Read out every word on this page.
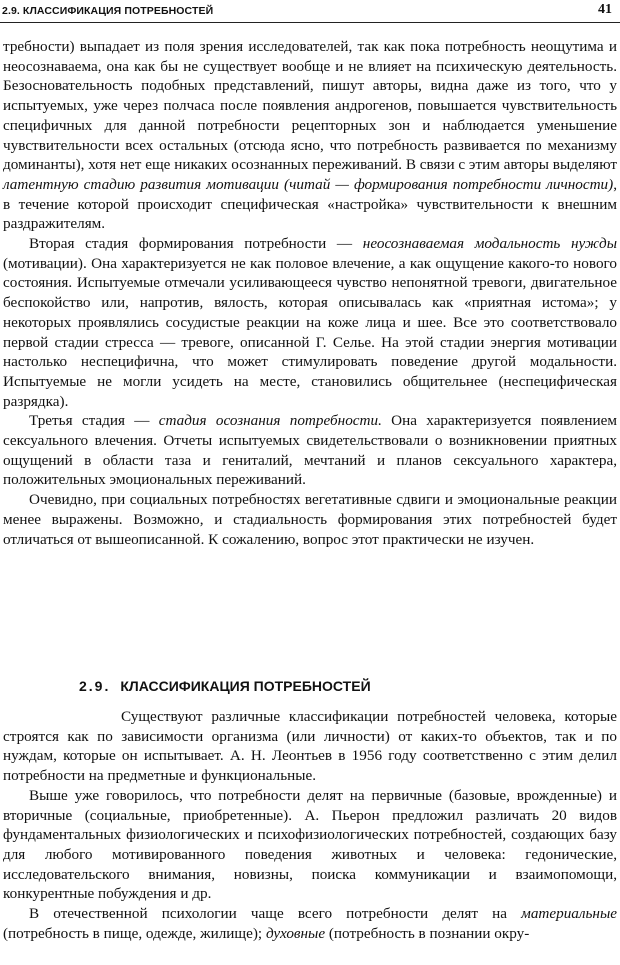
2.9. КЛАССИФИКАЦИЯ ПОТРЕБНОСТЕЙ	41

требности) выпадает из поля зрения исследователей, так как пока потребность неощутима и неосознаваема, она как бы не существует вообще и не влияет на психическую деятельность. Безосновательность подобных представлений, пишут авторы, видна даже из того, что у испытуемых, уже через полчаса после появления андрогенов, повышается чувствительность специфичных для данной потребности рецепторных зон и наблюдается уменьшение чувствительности всех остальных (отсюда ясно, что потребность развивается по механизму доминанты), хотя нет еще никаких осознанных переживаний. В связи с этим авторы выделяют латентную стадию развития мотивации (читай — формирования потребности личности), в течение которой происходит специфическая «настройка» чувствительности к внешним раздражителям.

Вторая стадия формирования потребности — неосознаваемая модальность нужды (мотивации). Она характеризуется не как половое влечение, а как ощущение какого-то нового состояния. Испытуемые отмечали усиливающееся чувство непонятной тревоги, двигательное беспокойство или, напротив, вялость, которая описывалась как «приятная истома»; у некоторых проявлялись сосудистые реакции на коже лица и шее. Все это соответствовало первой стадии стресса — тревоге, описанной Г. Селье. На этой стадии энергия мотивации настолько неспецифична, что может стимулировать поведение другой модальности. Испытуемые не могли усидеть на месте, становились общительнее (неспецифическая разрядка).

Третья стадия — стадия осознания потребности. Она характеризуется появлением сексуального влечения. Отчеты испытуемых свидетельствовали о возникновении приятных ощущений в области таза и гениталий, мечтаний и планов сексуального характера, положительных эмоциональных переживаний.

Очевидно, при социальных потребностях вегетативные сдвиги и эмоциональные реакции менее выражены. Возможно, и стадиальность формирования этих потребностей будет отличаться от вышеописанной. К сожалению, вопрос этот практически не изучен.

2.9. КЛАССИФИКАЦИЯ ПОТРЕБНОСТЕЙ

Существуют различные классификации потребностей человека, которые строятся как по зависимости организма (или личности) от каких-то объектов, так и по нуждам, которые он испытывает. А. Н. Леонтьев в 1956 году соответственно с этим делил потребности на предметные и функциональные.

Выше уже говорилось, что потребности делят на первичные (базовые, врожденные) и вторичные (социальные, приобретенные). А. Пьерон предложил различать 20 видов фундаментальных физиологических и психофизиологических потребностей, создающих базу для любого мотивированного поведения животных и человека: гедонические, исследовательского внимания, новизны, поиска коммуникации и взаимопомощи, конкурентные побуждения и др.

В отечественной психологии чаще всего потребности делят на материальные (потребность в пище, одежде, жилище); духовные (потребность в познании окру-
